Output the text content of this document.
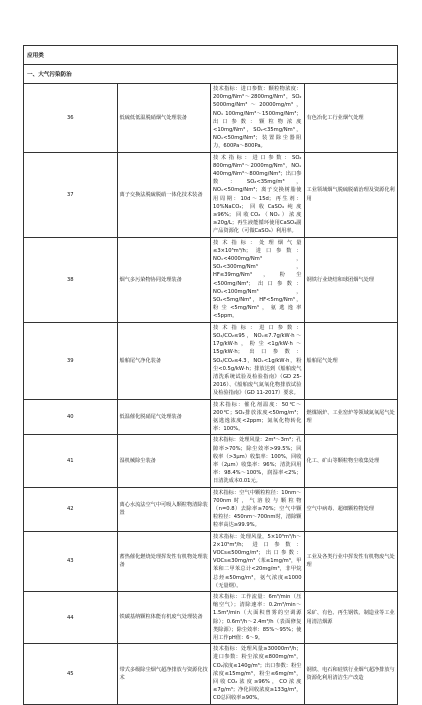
应用类			
一、大气污染防治			
36	低硫低低温脱硝烟气处理装备	技术指标：进口参数：颗粒物浓度：200mg/Nm³～2800mg/Nm³，SO₂ 5000mg/Nm³～20000mg/m³，NOₓ 100mg/Nm³～1500mg/Nm³；出口参数：颗粒物浓度<10mg/Nm³，SO₂<35mg/Nm³，NOₓ<50mg/Nm³；装置除尘器阻力，600Pa～800Pa。	有色冶化工行业烟气处理
37	离子交换法脱硫脱硝一体化技术装备	技术指标：进口参数：SO₂ 800mg/Nm³～2000mg/Nm³，NOₓ 400mg/Nm³～800mg/Nm³；出口参数：SO₂<35mg/m³，NOₓ<50mg/Nm³；离子交换树脂使用周期：10d～15d；再生剂：10%NaCO₃；回收CaSO₄纯度≥96%；回收CO₂（NOₓ）浓度≥20g/L；再生液能循环使用CaSO₄副产品资源化（可做CaSO₄）利用率。	工业领域烟气脱硫脱硝治理及资源化利用
38	烟气多污染物协同处理装备	技术指标：处理烟气量≤3×10⁵m³/h；进口参数：NOₓ<4000mg/Nm³，SO₂<300mg/Nm³，HF≤39mg/Nm³，粉尘<500mg/Nm³；出口参数：NOₓ<100mg/Nm³，SO₂<5mg/Nm³，HF<5mg/Nm³，粉尘<5mg/Nm³，氨逃逸率<5ppm。	钢铁行业烧结和球团烟气处理
39	船舶尾气净化装备	技术指标：进口参数：SO₂/CO₂≤95，NOₓ≤7.7g/kW·h～17g/kW·h，粉尘<1g/kW·h～15g/kW·h；出口参数：SO₂/CO₂≤4.3，NOₓ<1g/kW·h，粉尘<0.5g/kW·h；排放达到《船舶废气清洗系统试验及检验指南》（GD 25-2016）、《船舶废气氮氧化物排放试验及检验指南》（GD 11-2017）要求。	船舶尾气处理
40	低温催化脱硝尾气处理装备	技术指标：催化剂温度：50℃～200℃；SO₂排放浓度<50mg/m³；氨逃逸浓度<2ppm；氮氧化物转化率：100%。	燃煤锅炉、工业窑炉等领域氮氧尾气处理
41	湿机械除尘装备	技术指标：处理风量：2m³～3m³；孔隙率>70%；除尘效率>99.5%；回收率（>3μm）收集率：100%，回收率（2μm）收集率：96%；清洗回用率：98.4%～100%，润湿率<2%；日清洗成本0.01元。	化工、矿山等颗粒物尘收集处理
42	离心水流法空气中可吸入颗粒物清除装置	技术指标：空气中颗粒粒径：10nm～700nm时，气溶胶与颗粒物（n=0.8）去除率≥70%；空气中颗粒粒径：450nm～700nm时，清除颗粒率高达≥99.9%。	空气中病毒、超细颗粒物处理
43	蓄热催化燃烧处理挥发性有机物处理装备	技术指标：处理风量，5×10³m³/h～2×10⁵m³/h；进口参数：VOCs≤500mg/m³；出口参数：VOCs≤30mg/m³（苯≤1mg/m³，甲苯和二甲苯总计<20mg/m³，非甲烷总烃≤50mg/m³，氨气浓度≤1000（无量纲）。	工业及各类行业中挥发性有机物废气处理
44	铁碳基纳颗粒体能有机废气处理装备	技术指标：工作流量：6m³/min（压缩空气）；清除速率：0.2m³/min～1.5m³/min（大面积曾雾的空调源除）；0.6m³/h～2.4m³/h（表面修复类除源）；除尘效率：85%～95%；使用工作pH值：6～9。	采矿、有色、再生钢铁、制造业等工业用清洁烟源
45	带式多级除尘烟气超净排放与资源化技术	技术指标：处理风量≥30000m³/h；进口参数：粉尘浓度≤800mg/m³，CO₂浓度≤140g/m³；出口参数：粉尘浓度≤15mg/m³，粉尘≤6mg/m³，回收CO₂浓度≥96%，CO浓度≤7g/m³；净化回收浓度≥133g/m³，CO总回收率≥90%。	钢铁、电石和硅铁行业烟气超净排放与资源化利用清洁生产改造
